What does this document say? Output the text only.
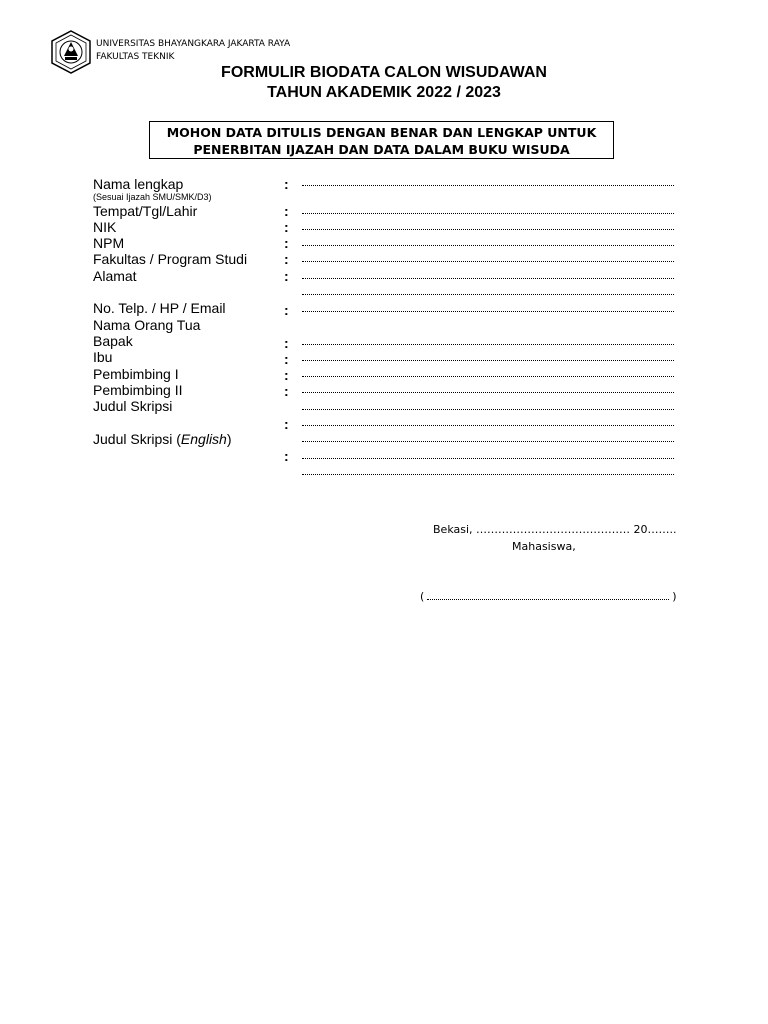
UNIVERSITAS BHAYANGKARA JAKARTA RAYA
FAKULTAS TEKNIK
FORMULIR BIODATA CALON WISUDAWAN
TAHUN AKADEMIK 2022 / 2023
MOHON DATA DITULIS DENGAN BENAR DAN LENGKAP UNTUK
PENERBITAN IJAZAH DAN DATA DALAM BUKU WISUDA
Nama lengkap	:
(Sesuai Ijazah SMU/SMK/D3)
Tempat/Tgl/Lahir	:
NIK	:
NPM	:
Fakultas / Program Studi	:
Alamat	:
No. Telp. / HP / Email	:
Nama Orang Tua
Bapak	:
Ibu	:
Pembimbing I	:
Pembimbing II	:
Judul Skripsi
:
Judul Skripsi (English)
:
Bekasi, …………………………………… 20……..
Mahasiswa,
(	)
